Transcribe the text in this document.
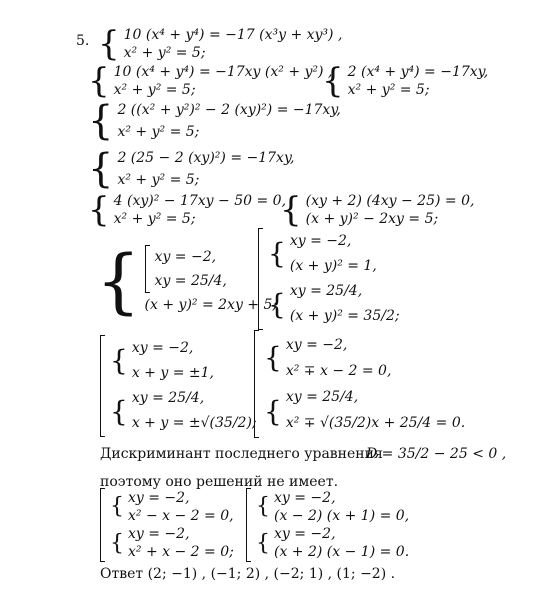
5. { 10 (x⁴ + y⁴) = −17 (x³y + xy³) ,
x² + y² = 5;
{ 10 (x⁴ + y⁴) = −17xy (x² + y²) ,
x² + y² = 5;	{ 2 (x⁴ + y⁴) = −17xy,
x² + y² = 5;
{ 2 ((x² + y²)² − 2 (xy)²) = −17xy,
x² + y² = 5;
{ 2 (25 − 2 (xy)²) = −17xy,
x² + y² = 5;
{ 4 (xy)² − 17xy − 50 = 0,
x² + y² = 5;	{ (xy + 2) (4xy − 25) = 0,
(x + y)² − 2xy = 5;
{ xy = −2,
xy = 25/4,
(x + y)² = 2xy + 5;
{
{
xy = −2,
(x + y)² = 1,
xy = 25/4,
(x + y)² = 35/2;
{
{
xy = −2,
x + y = ±1,
xy = 25/4,
x + y = ±√(35/2);
{
{
xy = −2,
x² ∓ x − 2 = 0,
xy = 25/4,
x² ∓ √(35/2)x + 25/4 = 0.
Дискриминант последнего уравнения
D = 35/2 − 25 < 0 ,
поэтому оно решений не имеет.
{
{
xy = −2,
x² − x − 2 = 0,
xy = −2,
x² + x − 2 = 0;
{
{
xy = −2,
(x − 2) (x + 1) = 0,
xy = −2,
(x + 2) (x − 1) = 0.
Ответ (2; −1) , (−1; 2) , (−2; 1) , (1; −2) .
